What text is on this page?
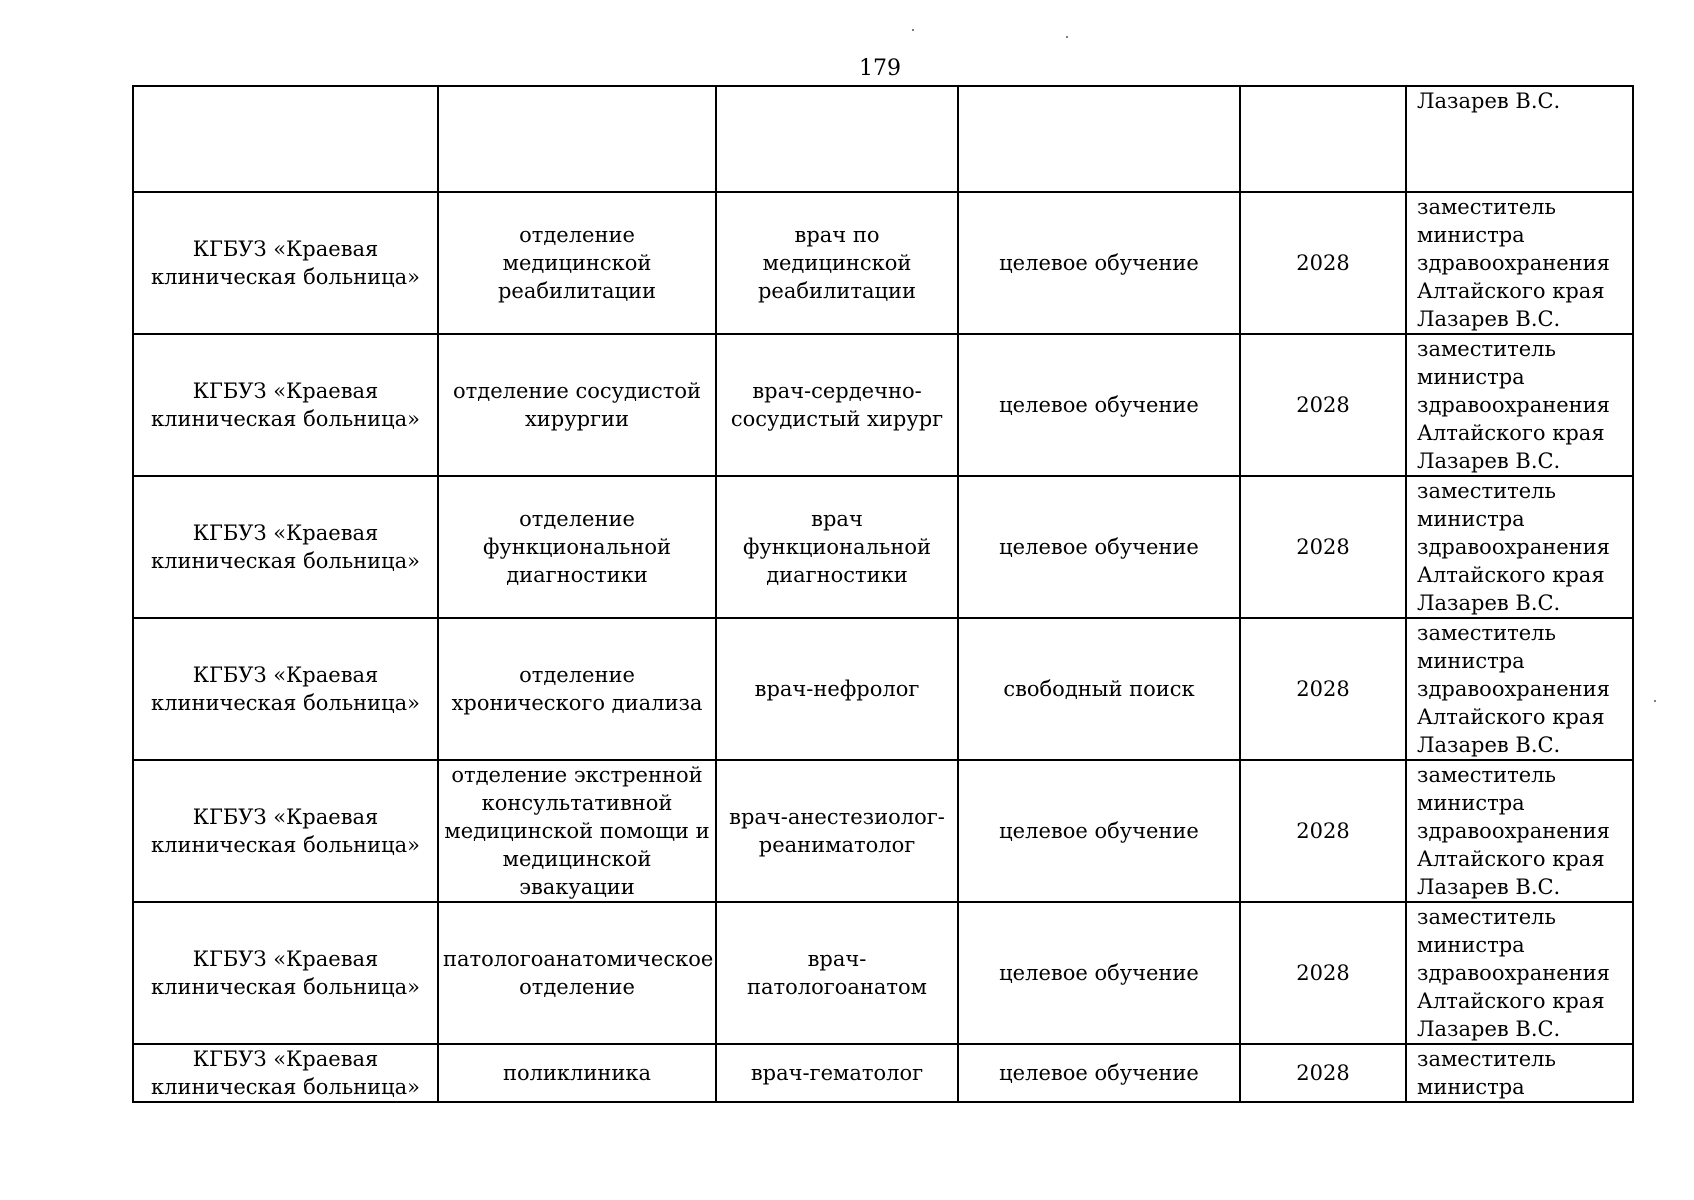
179
					Лазарев В.С.
КГБУЗ «Краевая клиническая больница»	отделение медицинской реабилитации	врач по медицинской реабилитации	целевое обучение	2028	заместитель министра здравоохранения Алтайского края Лазарев В.С.
КГБУЗ «Краевая клиническая больница»	отделение сосудистой хирургии	врач-сердечно-сосудистый хирург	целевое обучение	2028	заместитель министра здравоохранения Алтайского края Лазарев В.С.
КГБУЗ «Краевая клиническая больница»	отделение функциональной диагностики	врач функциональной диагностики	целевое обучение	2028	заместитель министра здравоохранения Алтайского края Лазарев В.С.
КГБУЗ «Краевая клиническая больница»	отделение хронического диализа	врач-нефролог	свободный поиск	2028	заместитель министра здравоохранения Алтайского края Лазарев В.С.
КГБУЗ «Краевая клиническая больница»	отделение экстренной консультативной медицинской помощи и медицинской эвакуации	врач-анестезиолог-реаниматолог	целевое обучение	2028	заместитель министра здравоохранения Алтайского края Лазарев В.С.
КГБУЗ «Краевая клиническая больница»	патологоанатомическое отделение	врач-патологоанатом	целевое обучение	2028	заместитель министра здравоохранения Алтайского края Лазарев В.С.
КГБУЗ «Краевая клиническая больница»	поликлиника	врач-гематолог	целевое обучение	2028	заместитель министра
